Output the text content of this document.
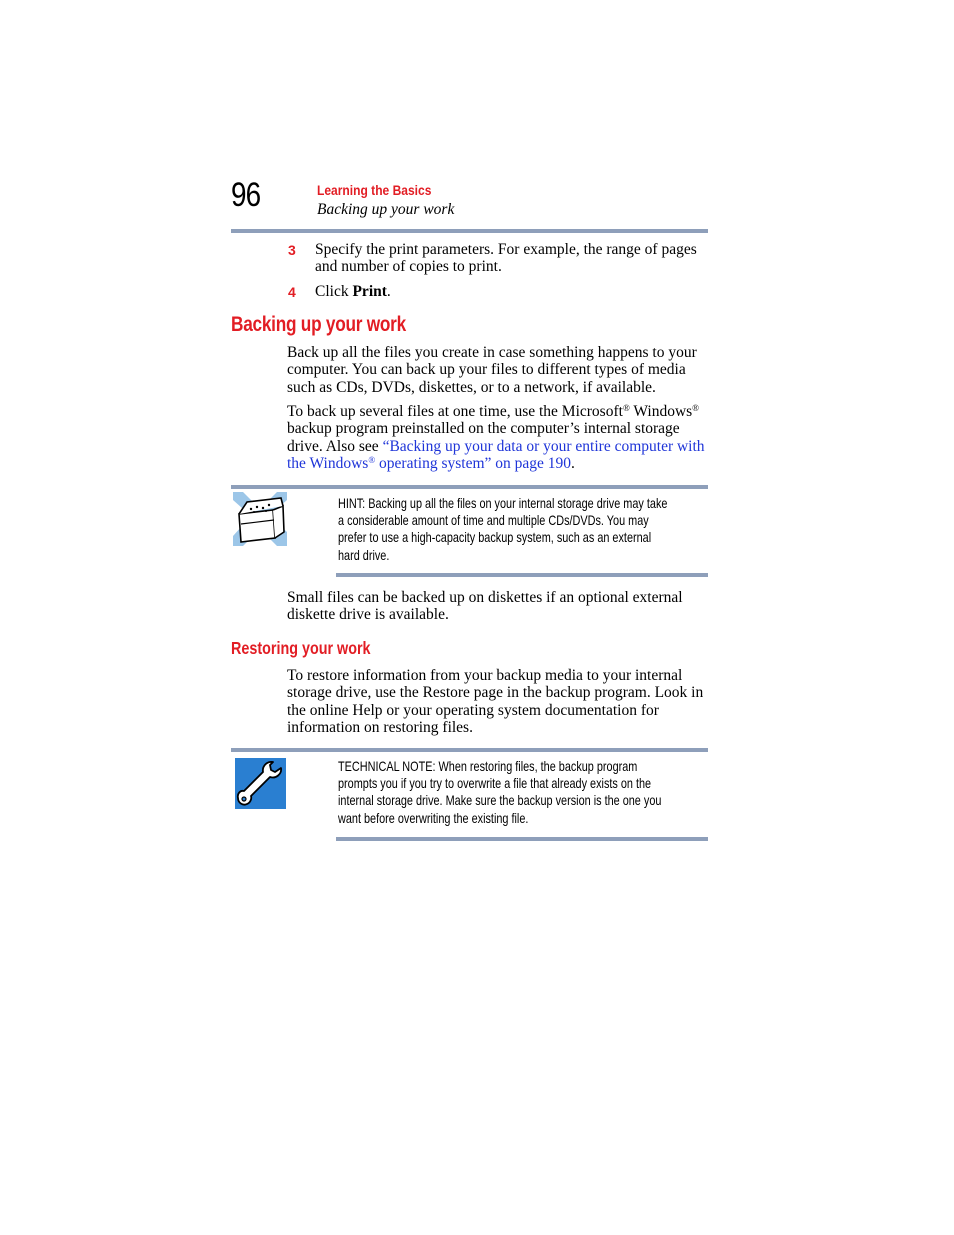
96	Learning the Basics
Backing up your work
3 Specify the print parameters. For example, the range of pages
and number of copies to print.
4 Click Print.
Backing up your work
Back up all the files you create in case something happens to your
computer. You can back up your files to different types of media
such as CDs, DVDs, diskettes, or to a network, if available.
To back up several files at one time, use the Microsoft® Windows®
backup program preinstalled on the computer’s internal storage
drive. Also see “Backing up your data or your entire computer with
the Windows® operating system” on page 190.
HINT: Backing up all the files on your internal storage drive may take
a considerable amount of time and multiple CDs/DVDs. You may
prefer to use a high-capacity backup system, such as an external
hard drive.
Small files can be backed up on diskettes if an optional external
diskette drive is available.
Restoring your work
To restore information from your backup media to your internal
storage drive, use the Restore page in the backup program. Look in
the online Help or your operating system documentation for
information on restoring files.
TECHNICAL NOTE: When restoring files, the backup program
prompts you if you try to overwrite a file that already exists on the
internal storage drive. Make sure the backup version is the one you
want before overwriting the existing file.
